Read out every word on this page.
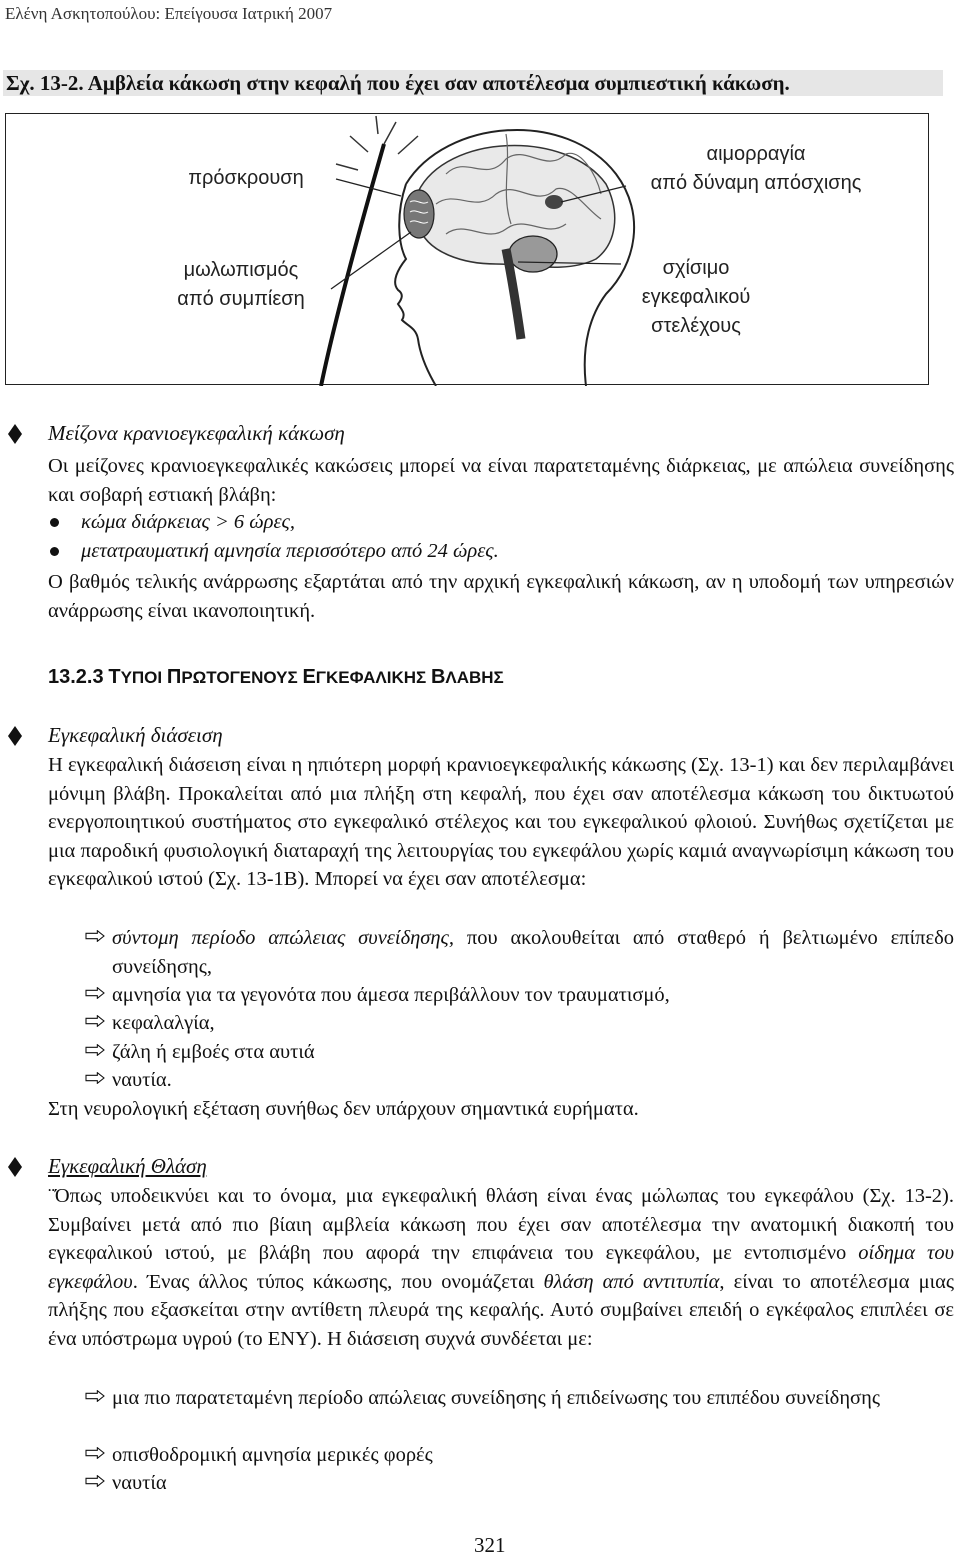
Ελένη Ασκητοπούλου: Επείγουσα Ιατρική 2007
Σχ. 13-2. Αμβλεία κάκωση στην κεφαλή που έχει σαν αποτέλεσμα συμπιεστική κάκωση.
πρόσκρουση
μωλωπισμός
από συμπίεση
αιμορραγία
από δύναμη απόσχισης
σχίσιμο
εγκεφαλικού
στελέχους
Μείζονα κρανιοεγκεφαλική κάκωση
Οι μείζονες κρανιοεγκεφαλικές κακώσεις μπορεί να είναι παρατεταμένης διάρκειας, με απώλεια συνείδησης και σοβαρή εστιακή βλάβη:
κώμα διάρκειας > 6 ώρες,
μετατραυματική αμνησία περισσότερο από 24 ώρες.
Ο βαθμός τελικής ανάρρωσης εξαρτάται από την αρχική εγκεφαλική κάκωση, αν η υποδομή των υπηρεσιών ανάρρωσης είναι ικανοποιητική.
13.2.3 ΤΥΠΟΙ ΠΡΩΤΟΓΕΝΟΥΣ ΕΓΚΕΦΑΛΙΚΗΣ ΒΛΑΒΗΣ
Εγκεφαλική διάσειση
Η εγκεφαλική διάσειση είναι η ηπιότερη μορφή κρανιοεγκεφαλικής κάκωσης (Σχ. 13-1) και δεν περιλαμβάνει μόνιμη βλάβη. Προκαλείται από μια πλήξη στη κεφαλή, που έχει σαν αποτέλεσμα κάκωση του δικτυωτού ενεργοποιητικού συστήματος στο εγκεφαλικό στέλεχος και του εγκεφαλικού φλοιού. Συνήθως σχετίζεται με μια παροδική φυσιολογική διαταραχή της λειτουργίας του εγκεφάλου χωρίς καμιά αναγνωρίσιμη κάκωση του εγκεφαλικού ιστού (Σχ. 13-1Β). Μπορεί να έχει σαν αποτέλεσμα:
σύντομη περίοδο απώλειας συνείδησης, που ακολουθείται από σταθερό ή βελτιωμένο επίπεδο συνείδησης,
αμνησία για τα γεγονότα που άμεσα περιβάλλουν τον τραυματισμό,
κεφαλαλγία,
ζάλη ή εμβοές στα αυτιά
ναυτία.
Στη νευρολογική εξέταση συνήθως δεν υπάρχουν σημαντικά ευρήματα.
Εγκεφαλική Θλάση
¨Όπως υποδεικνύει και το όνομα, μια εγκεφαλική θλάση είναι ένας μώλωπας του εγκεφάλου (Σχ. 13-2). Συμβαίνει μετά από πιο βίαιη αμβλεία κάκωση που έχει σαν αποτέλεσμα την ανατομική διακοπή του εγκεφαλικού ιστού, με βλάβη που αφορά την επιφάνεια του εγκεφάλου, με εντοπισμένο οίδημα του εγκεφάλου. Ένας άλλος τύπος κάκωσης, που ονομάζεται θλάση από αντιτυπία, είναι το αποτέλεσμα μιας πλήξης που εξασκείται στην αντίθετη πλευρά της κεφαλής. Αυτό συμβαίνει επειδή ο εγκέφαλος επιπλέει σε ένα υπόστρωμα υγρού (το ΕΝΥ). Η διάσειση συχνά συνδέεται με:
μια πιο παρατεταμένη περίοδο απώλειας συνείδησης ή επιδείνωσης του επιπέδου συνείδησης
οπισθοδρομική αμνησία μερικές φορές
ναυτία
321
